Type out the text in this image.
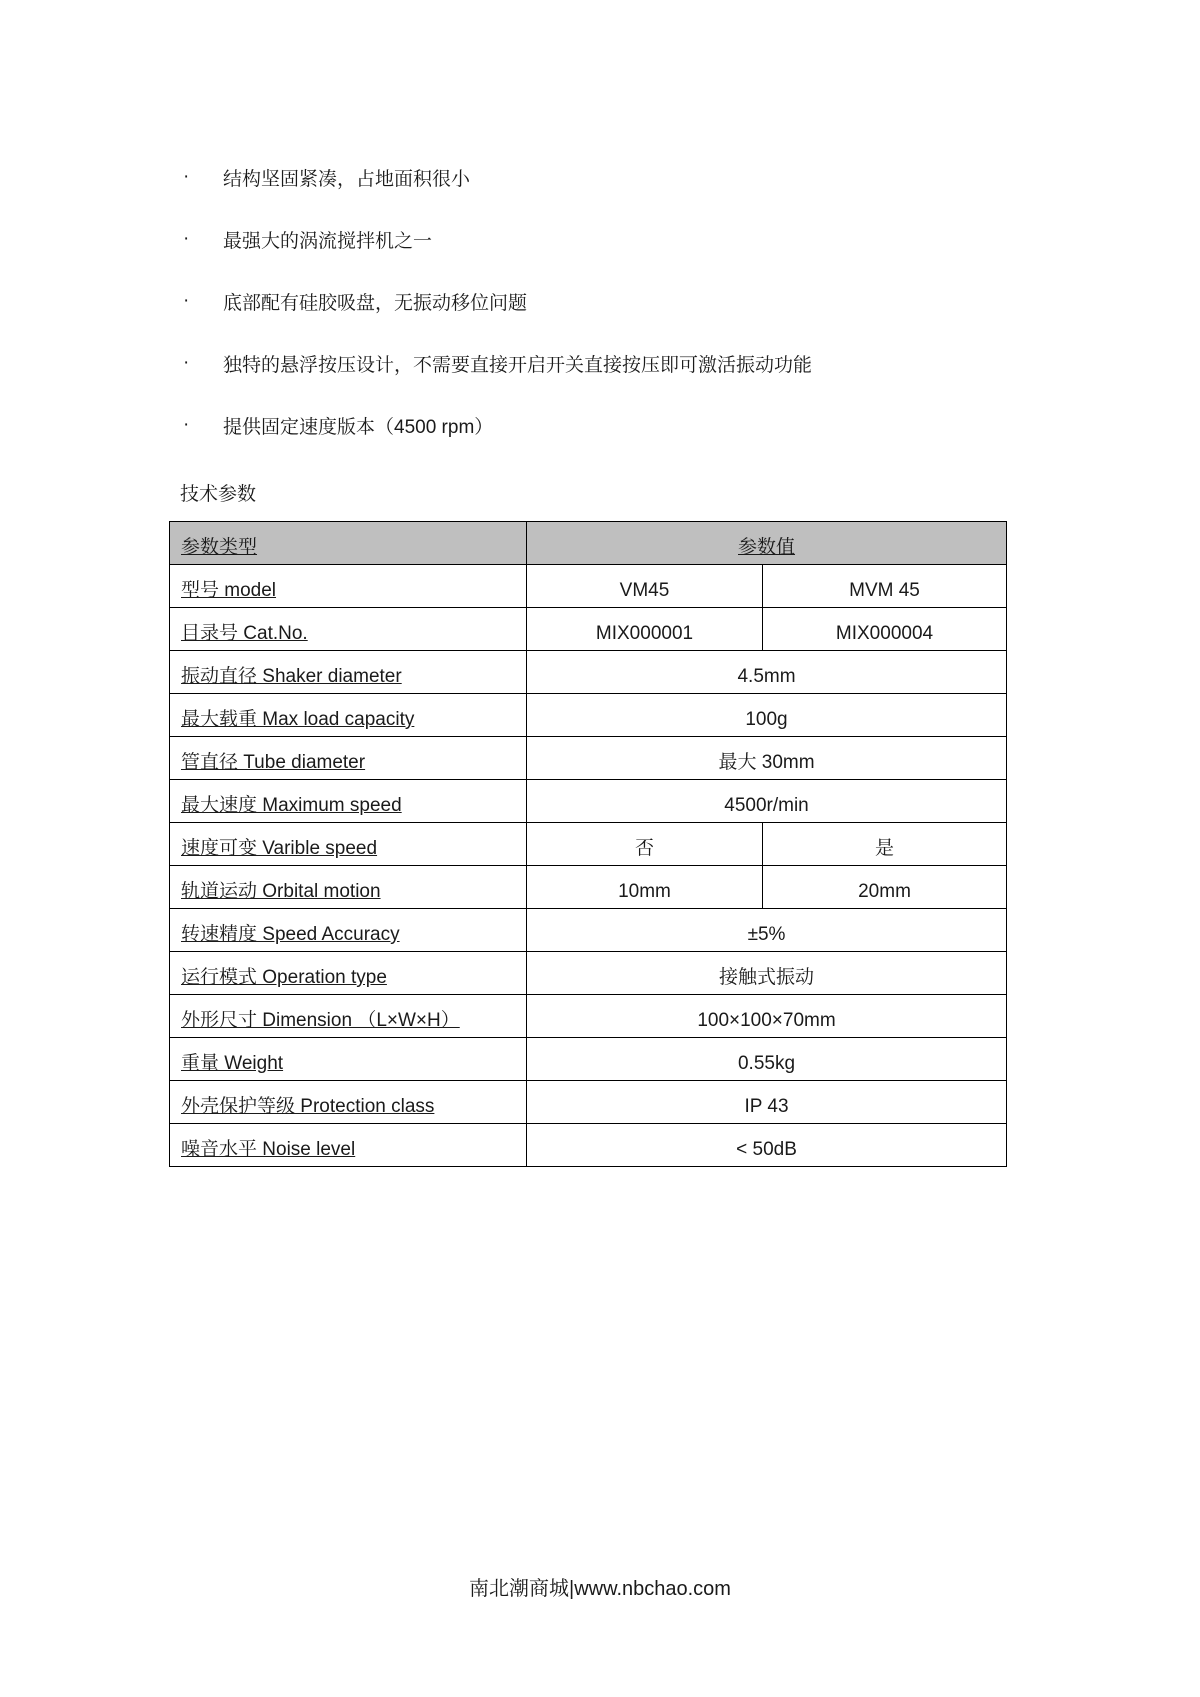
·	结构坚固紧凑，占地面积很小
·	最强大的涡流搅拌机之一
·	底部配有硅胶吸盘，无振动移位问题
·	独特的悬浮按压设计，不需要直接开启开关直接按压即可激活振动功能
·	提供固定速度版本（4500 rpm）
技术参数
参数类型	参数值	
型号 model	VM45	MVM 45
目录号 Cat.No.	MIX000001	MIX000004
振动直径 Shaker diameter	4.5mm	
最大载重 Max load capacity	100g	
管直径 Tube diameter	最大 30mm	
最大速度 Maximum speed	4500r/min	
速度可变 Varible speed	否	是
轨道运动 Orbital motion	10mm	20mm
转速精度 Speed Accuracy	±5%	
运行模式 Operation type	接触式振动	
外形尺寸 Dimension （L×W×H）	100×100×70mm	
重量 Weight	0.55kg	
外壳保护等级 Protection class	IP 43	
噪音水平 Noise level	< 50dB	
南北潮商城|www.nbchao.com
